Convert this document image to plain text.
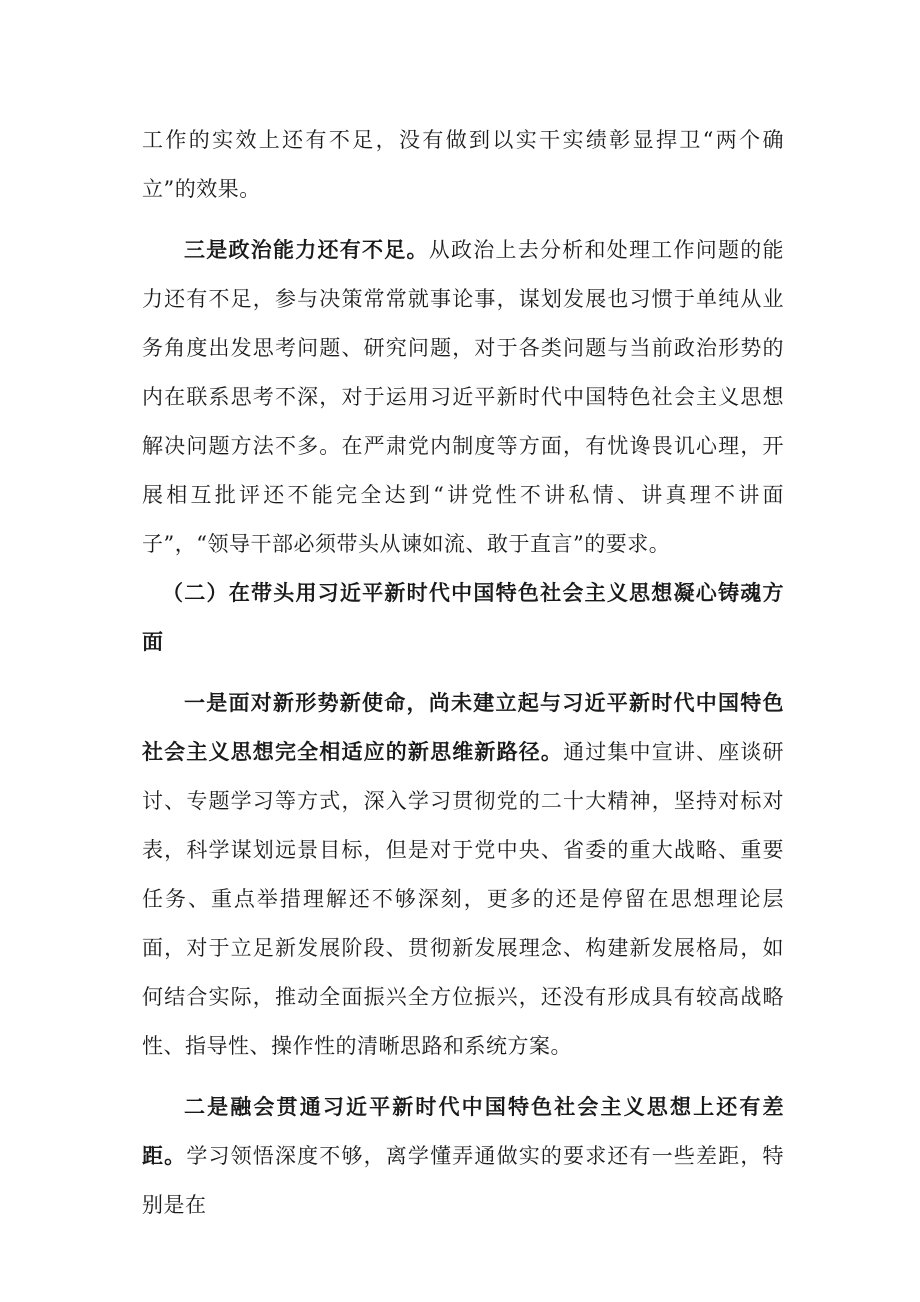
工作的实效上还有不足，没有做到以实干实绩彰显捍卫“两个确立”的效果。

三是政治能力还有不足。从政治上去分析和处理工作问题的能力还有不足，参与决策常常就事论事，谋划发展也习惯于单纯从业务角度出发思考问题、研究问题，对于各类问题与当前政治形势的内在联系思考不深，对于运用习近平新时代中国特色社会主义思想解决问题方法不多。在严肃党内制度等方面，有忧谗畏讥心理，开展相互批评还不能完全达到“讲党性不讲私情、讲真理不讲面子”，“领导干部必须带头从谏如流、敢于直言”的要求。

（二）在带头用习近平新时代中国特色社会主义思想凝心铸魂方面

一是面对新形势新使命，尚未建立起与习近平新时代中国特色社会主义思想完全相适应的新思维新路径。通过集中宣讲、座谈研讨、专题学习等方式，深入学习贯彻党的二十大精神，坚持对标对表，科学谋划远景目标，但是对于党中央、省委的重大战略、重要任务、重点举措理解还不够深刻，更多的还是停留在思想理论层面，对于立足新发展阶段、贯彻新发展理念、构建新发展格局，如何结合实际，推动全面振兴全方位振兴，还没有形成具有较高战略性、指导性、操作性的清晰思路和系统方案。

二是融会贯通习近平新时代中国特色社会主义思想上还有差距。学习领悟深度不够，离学懂弄通做实的要求还有一些差距，特别是在
